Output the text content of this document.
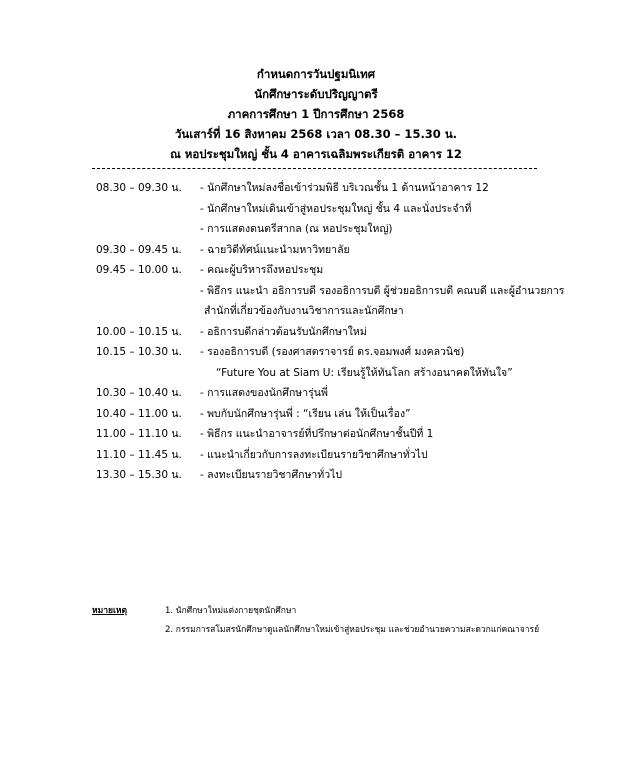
กำหนดการวันปฐมนิเทศ
นักศึกษาระดับปริญญาตรี
ภาคการศึกษา 1 ปีการศึกษา 2568
วันเสาร์ที่ 16 สิงหาคม 2568 เวลา 08.30 – 15.30 น.
ณ หอประชุมใหญ่ ชั้น 4 อาคารเฉลิมพระเกียรติ อาคาร 12
08.30 – 09.30 น. - นักศึกษาใหม่ลงชื่อเข้าร่วมพิธี บริเวณชั้น 1 ด้านหน้าอาคาร 12
- นักศึกษาใหม่เดินเข้าสู่หอประชุมใหญ่ ชั้น 4 และนั่งประจำที่
- การแสดงดนตรีสากล (ณ หอประชุมใหญ่)
09.30 – 09.45 น. - ฉายวิดีทัศน์แนะนำมหาวิทยาลัย
09.45 – 10.00 น. - คณะผู้บริหารถึงหอประชุม
- พิธีกร แนะนำ อธิการบดี รองอธิการบดี ผู้ช่วยอธิการบดี คณบดี และผู้อำนวยการ
สำนักที่เกี่ยวข้องกับงานวิชาการและนักศึกษา
10.00 – 10.15 น. - อธิการบดีกล่าวต้อนรับนักศึกษาใหม่
10.15 – 10.30 น. - รองอธิการบดี (รองศาสตราจารย์ ดร.จอมพงศ์ มงคลวนิช)
“Future You at Siam U: เรียนรู้ให้ทันโลก สร้างอนาคตให้ทันใจ”
10.30 – 10.40 น. - การแสดงของนักศึกษารุ่นพี่
10.40 – 11.00 น. - พบกับนักศึกษารุ่นพี่ : “เรียน เล่น ให้เป็นเรื่อง”
11.00 – 11.10 น. - พิธีกร แนะนำอาจารย์ที่ปรึกษาต่อนักศึกษาชั้นปีที่ 1
11.10 – 11.45 น. - แนะนำเกี่ยวกับการลงทะเบียนรายวิชาศึกษาทั่วไป
13.30 – 15.30 น. - ลงทะเบียนรายวิชาศึกษาทั่วไป
หมายเหตุ	1. นักศึกษาใหม่แต่งกายชุดนักศึกษา
2. กรรมการสโมสรนักศึกษาดูแลนักศึกษาใหม่เข้าสู่หอประชุม และช่วยอำนวยความสะดวกแก่คณาจารย์
